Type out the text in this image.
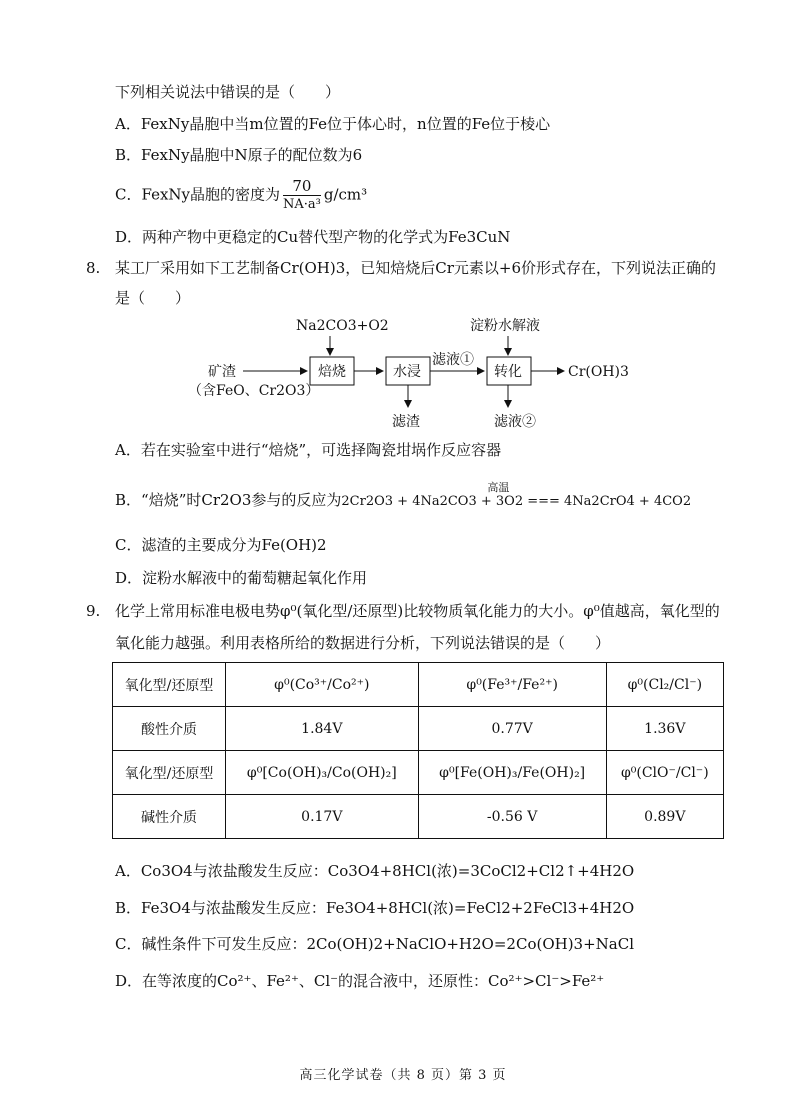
下列相关说法中错误的是（　　）
A．FexNy晶胞中当m位置的Fe位于体心时，n位置的Fe位于棱心
B．FexNy晶胞中N原子的配位数为6
C．FexNy晶胞的密度为 $\frac{70}{\text{NA·a³}} g/cm^3$
D．两种产物中更稳定的Cu替代型产物的化学式为Fe3CuN
8. 某工厂采用如下工艺制备Cr(OH)3，已知焙烧后Cr元素以+6价形式存在，下列说法正确的
是（　　）
Na2CO3+O2	淀粉水解液
矿渣
（含FeO、Cr2O3）
焙烧	水浸
滤渣
滤液①
转化
滤液②
Cr(OH)3
A．若在实验室中进行“焙烧”，可选择陶瓷坩埚作反应容器
B．“焙烧”时Cr2O3参与的反应为
高温
2Cr2O3 + 4Na2CO3 + 3O2 === 4Na2CrO4 + 4CO2
C．滤渣的主要成分为Fe(OH)2
D．淀粉水解液中的葡萄糖起氧化作用
9. 化学上常用标准电极电势φ⁰(氧化型/还原型)比较物质氧化能力的大小。φ⁰值越高，氧化型的
氧化能力越强。利用表格所给的数据进行分析，下列说法错误的是（　　）
氧化型/还原型	φ⁰(Co³⁺/Co²⁺)	φ⁰(Fe³⁺/Fe²⁺)	φ⁰(Cl₂/Cl⁻)
酸性介质	1.84V	0.77V	1.36V
氧化型/还原型	φ⁰[Co(OH)₃/Co(OH)₂]	φ⁰[Fe(OH)₃/Fe(OH)₂]	φ⁰(ClO⁻/Cl⁻)
碱性介质	0.17V	-0.56 V	0.89V
A．Co3O4与浓盐酸发生反应：Co3O4+8HCl(浓)=3CoCl2+Cl2↑+4H2O
B．Fe3O4与浓盐酸发生反应：Fe3O4+8HCl(浓)=FeCl2+2FeCl3+4H2O
C．碱性条件下可发生反应：2Co(OH)2+NaClO+H2O=2Co(OH)3+NaCl
D．在等浓度的Co²⁺、Fe²⁺、Cl⁻的混合液中，还原性：Co²⁺>Cl⁻>Fe²⁺
高三化学试卷（共 8 页）第 3 页
